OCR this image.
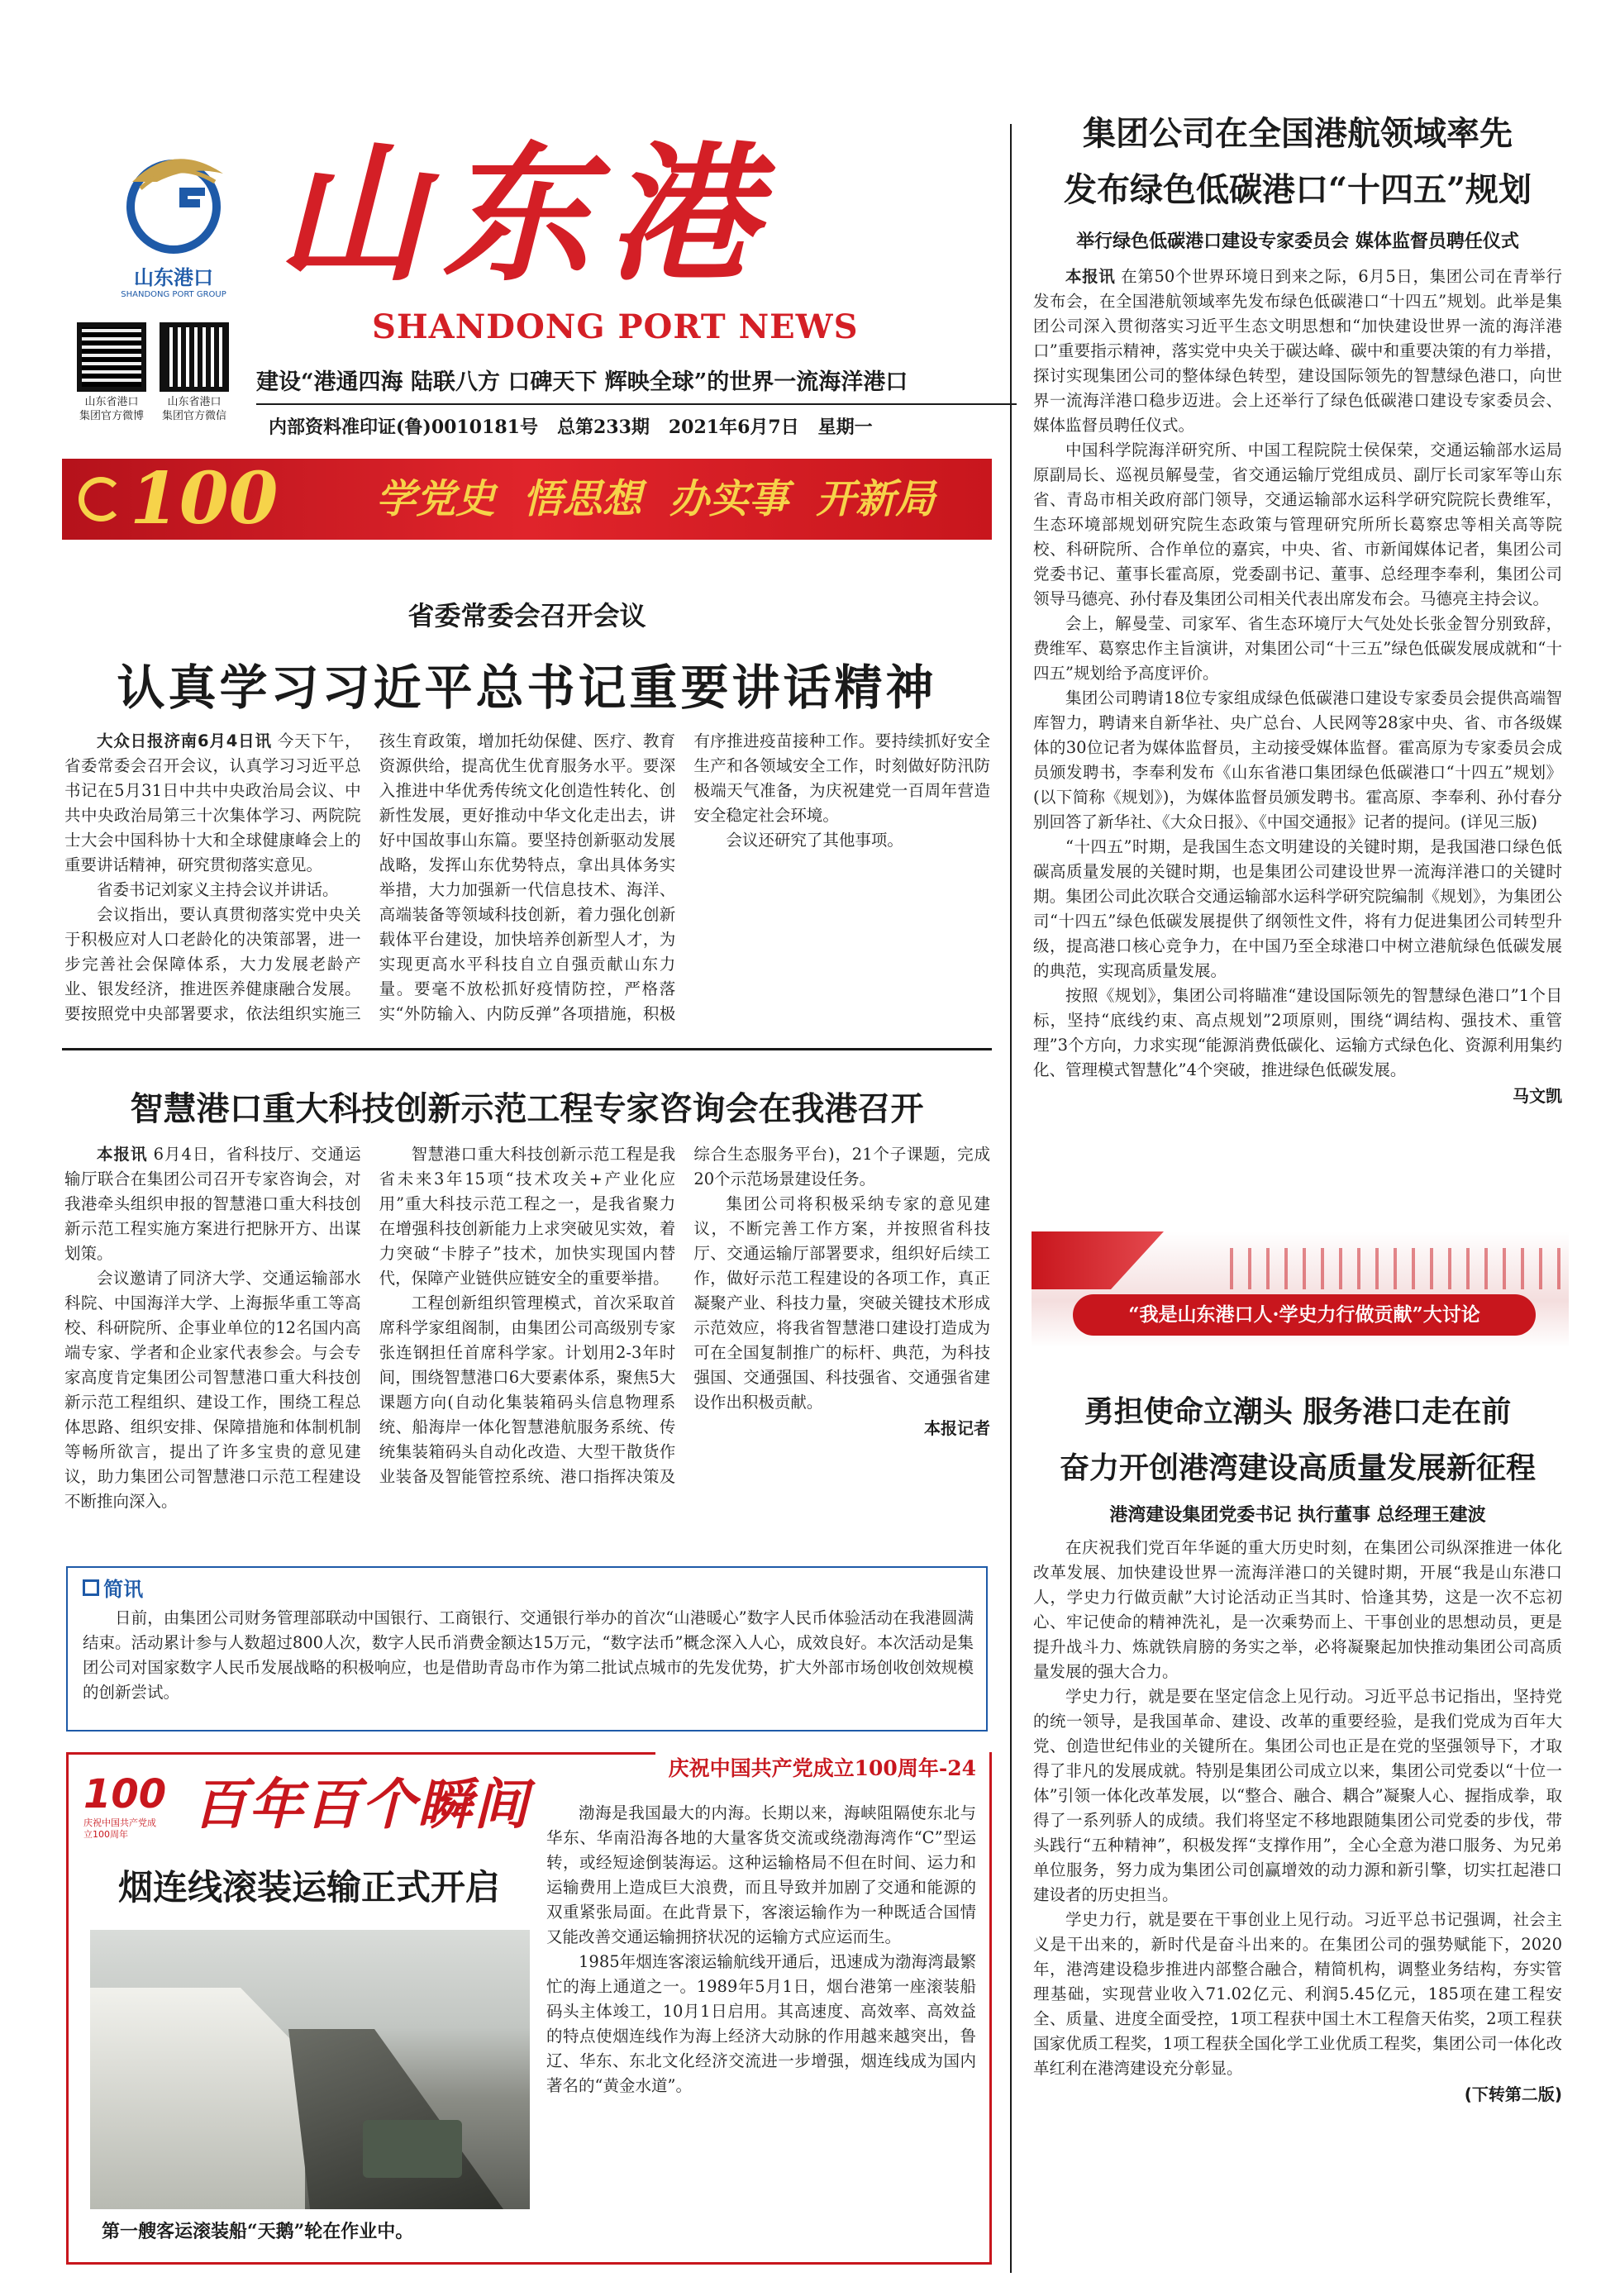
山东港口
SHANDONG PORT GROUP 山东港
SHANDONG PORT NEWS
山东省港口
集团官方微博
山东省港口
集团官方微信
建设“港通四海 陆联八方 口碑天下 辉映全球”的世界一流海洋港口
内部资料准印证(鲁)0010181号   总第233期   2021年6月7日   星期一
100 学党史  悟思想  办实事  开新局
省委常委会召开会议
认真学习习近平总书记重要讲话精神

大众日报济南6月4日讯 今天下午，省委常委会召开会议，认真学习习近平总书记在5月31日中共中央政治局会议、中共中央政治局第三十次集体学习、两院院士大会中国科协十大和全球健康峰会上的重要讲话精神，研究贯彻落实意见。

省委书记刘家义主持会议并讲话。

会议指出，要认真贯彻落实党中央关于积极应对人口老龄化的决策部署，进一步完善社会保障体系，大力发展老龄产业、银发经济，推进医养健康融合发展。要按照党中央部署要求，依法组织实施三孩生育政策，增加托幼保健、医疗、教育资源供给，提高优生优育服务水平。要深入推进中华优秀传统文化创造性转化、创新性发展，更好推动中华文化走出去，讲好中国故事山东篇。要坚持创新驱动发展战略，发挥山东优势特点，拿出具体务实举措，大力加强新一代信息技术、海洋、高端装备等领域科技创新，着力强化创新载体平台建设，加快培养创新型人才，为实现更高水平科技自立自强贡献山东力量。要毫不放松抓好疫情防控，严格落实“外防输入、内防反弹”各项措施，积极有序推进疫苗接种工作。要持续抓好安全生产和各领域安全工作，时刻做好防汛防极端天气准备，为庆祝建党一百周年营造安全稳定社会环境。

会议还研究了其他事项。

智慧港口重大科技创新示范工程专家咨询会在我港召开

本报讯 6月4日，省科技厅、交通运输厅联合在集团公司召开专家咨询会，对我港牵头组织申报的智慧港口重大科技创新示范工程实施方案进行把脉开方、出谋划策。

会议邀请了同济大学、交通运输部水科院、中国海洋大学、上海振华重工等高校、科研院所、企事业单位的12名国内高端专家、学者和企业家代表参会。与会专家高度肯定集团公司智慧港口重大科技创新示范工程组织、建设工作，围绕工程总体思路、组织安排、保障措施和体制机制等畅所欲言，提出了许多宝贵的意见建议，助力集团公司智慧港口示范工程建设不断推向深入。

智慧港口重大科技创新示范工程是我省未来3年15项“技术攻关+产业化应用”重大科技示范工程之一，是我省聚力在增强科技创新能力上求突破见实效，着力突破“卡脖子”技术，加快实现国内替代，保障产业链供应链安全的重要举措。

工程创新组织管理模式，首次采取首席科学家组阁制，由集团公司高级别专家张连钢担任首席科学家。计划用2-3年时间，围绕智慧港口6大要素体系，聚焦5大课题方向(自动化集装箱码头信息物理系统、船海岸一体化智慧港航服务系统、传统集装箱码头自动化改造、大型干散货作业装备及智能管控系统、港口指挥决策及综合生态服务平台)，21个子课题，完成20个示范场景建设任务。

集团公司将积极采纳专家的意见建议，不断完善工作方案，并按照省科技厅、交通运输厅部署要求，组织好后续工作，做好示范工程建设的各项工作，真正凝聚产业、科技力量，突破关键技术形成示范效应，将我省智慧港口建设打造成为可在全国复制推广的标杆、典范，为科技强国、交通强国、科技强省、交通强省建设作出积极贡献。

本报记者

简讯

日前，由集团公司财务管理部联动中国银行、工商银行、交通银行举办的首次“山港暖心”数字人民币体验活动在我港圆满结束。活动累计参与人数超过800人次，数字人民币消费金额达15万元，“数字法币”概念深入人心，成效良好。本次活动是集团公司对国家数字人民币发展战略的积极响应，也是借助青岛市作为第二批试点城市的先发优势，扩大外部市场创收创效规模的创新尝试。

庆祝中国共产党成立100周年-24
100
庆祝中国共产党成立100周年	百年百个瞬间
烟连线滚装运输正式开启
第一艘客运滚装船“天鹅”轮在作业中。

渤海是我国最大的内海。长期以来，海峡阻隔使东北与华东、华南沿海各地的大量客货交流或绕渤海湾作“C”型运转，或经短途倒装海运。这种运输格局不但在时间、运力和运输费用上造成巨大浪费，而且导致并加剧了交通和能源的双重紧张局面。在此背景下，客滚运输作为一种既适合国情又能改善交通运输拥挤状况的运输方式应运而生。

1985年烟连客滚运输航线开通后，迅速成为渤海湾最繁忙的海上通道之一。1989年5月1日，烟台港第一座滚装船码头主体竣工，10月1日启用。其高速度、高效率、高效益的特点使烟连线作为海上经济大动脉的作用越来越突出，鲁辽、华东、东北文化经济交流进一步增强，烟连线成为国内著名的“黄金水道”。

集团公司在全国港航领域率先
发布绿色低碳港口“十四五”规划
举行绿色低碳港口建设专家委员会 媒体监督员聘任仪式

本报讯 在第50个世界环境日到来之际，6月5日，集团公司在青举行发布会，在全国港航领域率先发布绿色低碳港口“十四五”规划。此举是集团公司深入贯彻落实习近平生态文明思想和“加快建设世界一流的海洋港口”重要指示精神，落实党中央关于碳达峰、碳中和重要决策的有力举措，探讨实现集团公司的整体绿色转型，建设国际领先的智慧绿色港口，向世界一流海洋港口稳步迈进。会上还举行了绿色低碳港口建设专家委员会、媒体监督员聘任仪式。

中国科学院海洋研究所、中国工程院院士侯保荣，交通运输部水运局原副局长、巡视员解曼莹，省交通运输厅党组成员、副厅长司家军等山东省、青岛市相关政府部门领导，交通运输部水运科学研究院院长费维军，生态环境部规划研究院生态政策与管理研究所所长葛察忠等相关高等院校、科研院所、合作单位的嘉宾，中央、省、市新闻媒体记者，集团公司党委书记、董事长霍高原，党委副书记、董事、总经理李奉利，集团公司领导马德亮、孙付春及集团公司相关代表出席发布会。马德亮主持会议。

会上，解曼莹、司家军、省生态环境厅大气处处长张金智分别致辞，费维军、葛察忠作主旨演讲，对集团公司“十三五”绿色低碳发展成就和“十四五”规划给予高度评价。

集团公司聘请18位专家组成绿色低碳港口建设专家委员会提供高端智库智力，聘请来自新华社、央广总台、人民网等28家中央、省、市各级媒体的30位记者为媒体监督员，主动接受媒体监督。霍高原为专家委员会成员颁发聘书，李奉利发布《山东省港口集团绿色低碳港口“十四五”规划》(以下简称《规划》)，为媒体监督员颁发聘书。霍高原、李奉利、孙付春分别回答了新华社、《大众日报》、《中国交通报》记者的提问。(详见三版)

“十四五”时期，是我国生态文明建设的关键时期，是我国港口绿色低碳高质量发展的关键时期，也是集团公司建设世界一流海洋港口的关键时期。集团公司此次联合交通运输部水运科学研究院编制《规划》，为集团公司“十四五”绿色低碳发展提供了纲领性文件，将有力促进集团公司转型升级，提高港口核心竞争力，在中国乃至全球港口中树立港航绿色低碳发展的典范，实现高质量发展。

按照《规划》，集团公司将瞄准“建设国际领先的智慧绿色港口”1个目标，坚持“底线约束、高点规划”2项原则，围绕“调结构、强技术、重管理”3个方向，力求实现“能源消费低碳化、运输方式绿色化、资源利用集约化、管理模式智慧化”4个突破，推进绿色低碳发展。

马文凯

“我是山东港口人·学史力行做贡献”大讨论
勇担使命立潮头 服务港口走在前
奋力开创港湾建设高质量发展新征程
港湾建设集团党委书记 执行董事 总经理王建波

在庆祝我们党百年华诞的重大历史时刻，在集团公司纵深推进一体化改革发展、加快建设世界一流海洋港口的关键时期，开展“我是山东港口人，学史力行做贡献”大讨论活动正当其时、恰逢其势，这是一次不忘初心、牢记使命的精神洗礼，是一次乘势而上、干事创业的思想动员，更是提升战斗力、炼就铁肩膀的务实之举，必将凝聚起加快推动集团公司高质量发展的强大合力。

学史力行，就是要在坚定信念上见行动。习近平总书记指出，坚持党的统一领导，是我国革命、建设、改革的重要经验，是我们党成为百年大党、创造世纪伟业的关键所在。集团公司也正是在党的坚强领导下，才取得了非凡的发展成就。特别是集团公司成立以来，集团公司党委以“十位一体”引领一体化改革发展，以“整合、融合、耦合”凝聚人心、握指成拳，取得了一系列骄人的成绩。我们将坚定不移地跟随集团公司党委的步伐，带头践行“五种精神”，积极发挥“支撑作用”，全心全意为港口服务、为兄弟单位服务，努力成为集团公司创赢增效的动力源和新引擎，切实扛起港口建设者的历史担当。

学史力行，就是要在干事创业上见行动。习近平总书记强调，社会主义是干出来的，新时代是奋斗出来的。在集团公司的强势赋能下，2020年，港湾建设稳步推进内部整合融合，精简机构，调整业务结构，夯实管理基础，实现营业收入71.02亿元、利润5.45亿元，185项在建工程安全、质量、进度全面受控，1项工程获中国土木工程詹天佑奖，2项工程获国家优质工程奖，1项工程获全国化学工业优质工程奖，集团公司一体化改革红利在港湾建设充分彰显。

(下转第二版)
